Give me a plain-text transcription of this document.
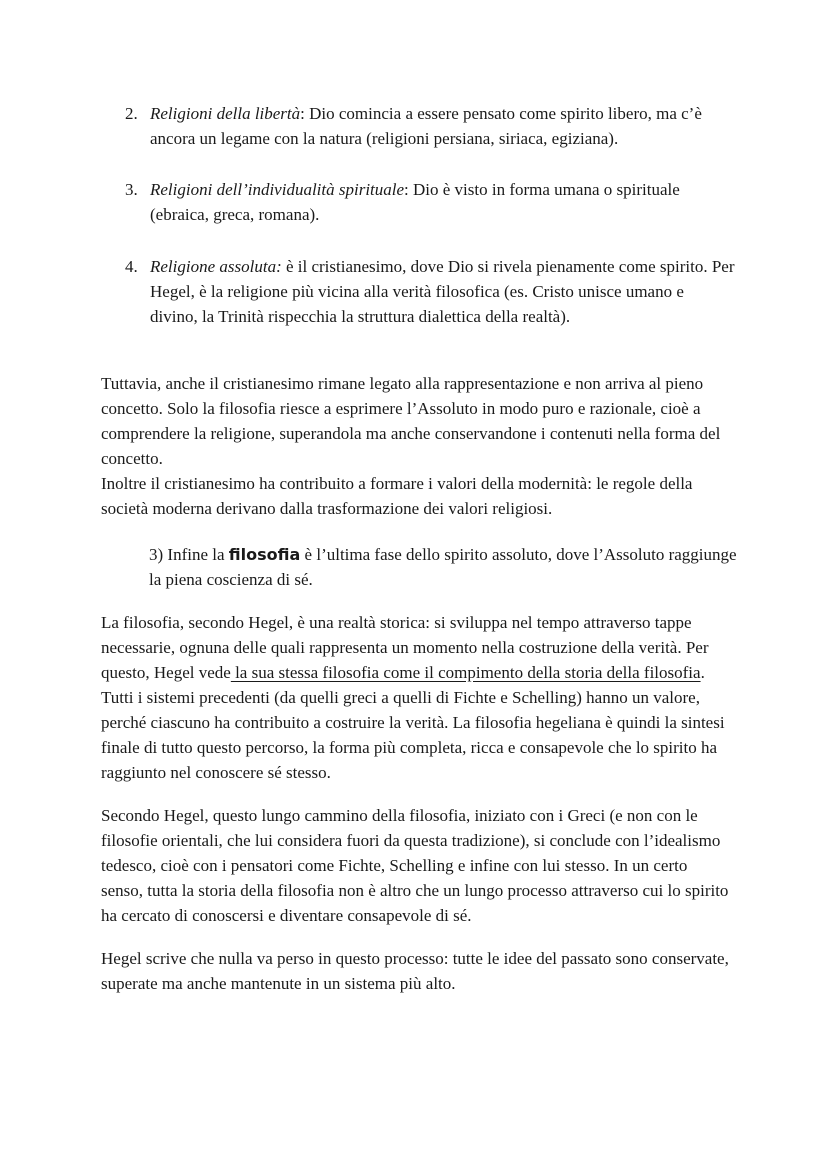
2. Religioni della libertà: Dio comincia a essere pensato come spirito libero, ma c’è ancora un legame con la natura (religioni persiana, siriaca, egiziana).
3. Religioni dell’individualità spirituale: Dio è visto in forma umana o spirituale (ebraica, greca, romana).
4. Religione assoluta: è il cristianesimo, dove Dio si rivela pienamente come spirito. Per Hegel, è la religione più vicina alla verità filosofica (es. Cristo unisce umano e divino, la Trinità rispecchia la struttura dialettica della realtà).
Tuttavia, anche il cristianesimo rimane legato alla rappresentazione e non arriva al pieno concetto. Solo la filosofia riesce a esprimere l’Assoluto in modo puro e razionale, cioè a comprendere la religione, superandola ma anche conservandone i contenuti nella forma del concetto.
Inoltre il cristianesimo ha contribuito a formare i valori della modernità: le regole della società moderna derivano dalla trasformazione dei valori religiosi.
3) Infine la filosofia è l’ultima fase dello spirito assoluto, dove l’Assoluto raggiunge la piena coscienza di sé.
La filosofia, secondo Hegel, è una realtà storica: si sviluppa nel tempo attraverso tappe necessarie, ognuna delle quali rappresenta un momento nella costruzione della verità. Per questo, Hegel vede la sua stessa filosofia come il compimento della storia della filosofia. Tutti i sistemi precedenti (da quelli greci a quelli di Fichte e Schelling) hanno un valore, perché ciascuno ha contribuito a costruire la verità. La filosofia hegeliana è quindi la sintesi finale di tutto questo percorso, la forma più completa, ricca e consapevole che lo spirito ha raggiunto nel conoscere sé stesso.
Secondo Hegel, questo lungo cammino della filosofia, iniziato con i Greci (e non con le filosofie orientali, che lui considera fuori da questa tradizione), si conclude con l’idealismo tedesco, cioè con i pensatori come Fichte, Schelling e infine con lui stesso. In un certo senso, tutta la storia della filosofia non è altro che un lungo processo attraverso cui lo spirito ha cercato di conoscersi e diventare consapevole di sé.
Hegel scrive che nulla va perso in questo processo: tutte le idee del passato sono conservate, superate ma anche mantenute in un sistema più alto.
